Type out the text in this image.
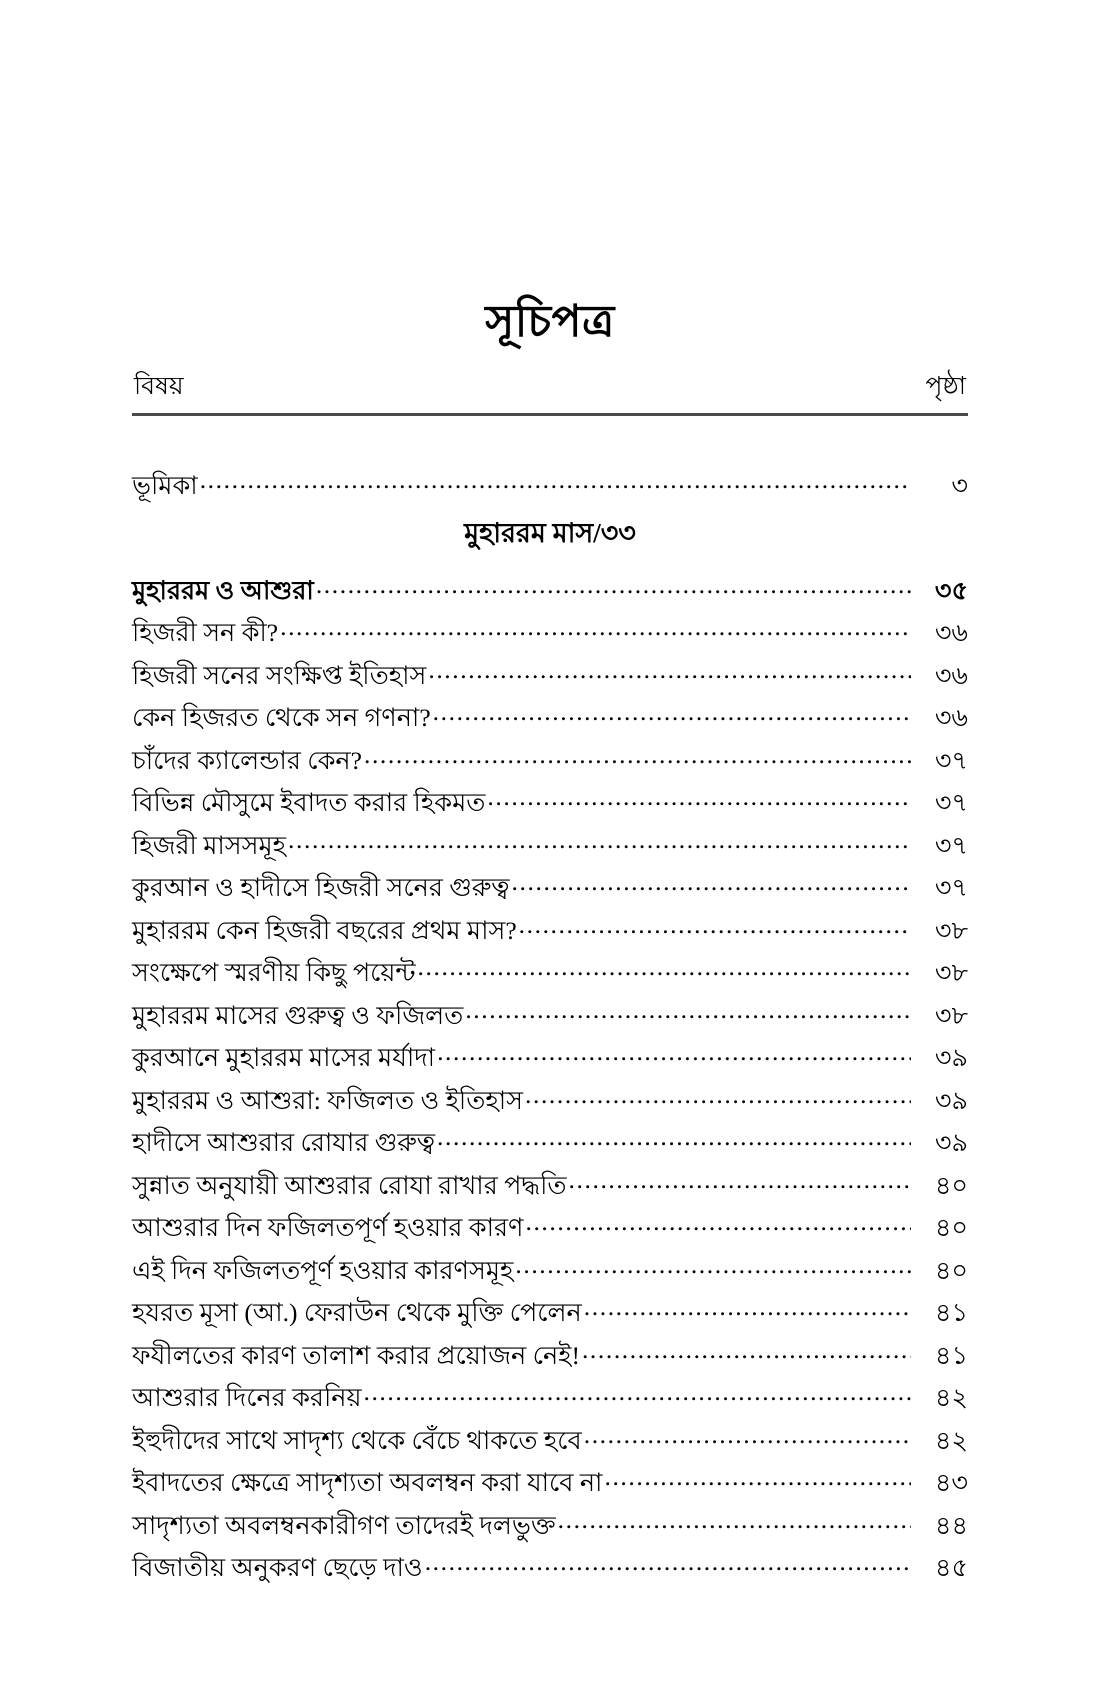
সূচিপত্র
বিষয়	পৃষ্ঠা
ভূমিকা .....	৩
মুহাররম মাস/৩৩
মুহাররম ও আশুরা .....	৩৫
হিজরী সন কী? .....	৩৬
হিজরী সনের সংক্ষিপ্ত ইতিহাস .....	৩৬
কেন হিজরত থেকে সন গণনা? .....	৩৬
চাঁদের ক্যালেন্ডার কেন? .....	৩৭
বিভিন্ন মৌসুমে ইবাদত করার হিকমত .....	৩৭
হিজরী মাসসমূহ .....	৩৭
কুরআন ও হাদীসে হিজরী সনের গুরুত্ব .....	৩৭
মুহাররম কেন হিজরী বছরের প্রথম মাস? .....	৩৮
সংক্ষেপে স্মরণীয় কিছু পয়েন্ট .....	৩৮
মুহাররম মাসের গুরুত্ব ও ফজিলত .....	৩৮
কুরআনে মুহাররম মাসের মর্যাদা .....	৩৯
মুহাররম ও আশুরা: ফজিলত ও ইতিহাস .....	৩৯
হাদীসে আশুরার রোযার গুরুত্ব .....	৩৯
সুন্নাত অনুযায়ী আশুরার রোযা রাখার পদ্ধতি .....	৪০
আশুরার দিন ফজিলতপূর্ণ হওয়ার কারণ .....	৪০
এই দিন ফজিলতপূর্ণ হওয়ার কারণসমূহ .....	৪০
হযরত মূসা (আ.) ফেরাউন থেকে মুক্তি পেলেন .....	৪১
ফযীলতের কারণ তালাশ করার প্রয়োজন নেই! .....	৪১
আশুরার দিনের করনিয় .....	৪২
ইহুদীদের সাথে সাদৃশ্য থেকে বেঁচে থাকতে হবে .....	৪২
ইবাদতের ক্ষেত্রে সাদৃশ্যতা অবলম্বন করা যাবে না .....	৪৩
সাদৃশ্যতা অবলম্বনকারীগণ তাদেরই দলভুক্ত .....	৪৪
বিজাতীয় অনুকরণ ছেড়ে দাও .....	৪৫
